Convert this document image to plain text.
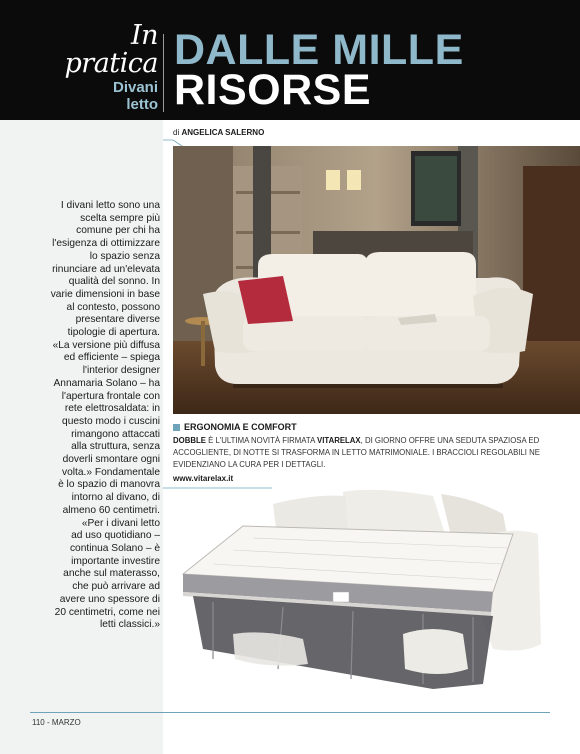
In pratica
Divani
letto
DALLE MILLE
RISORSE
di ANGELICA SALERNO
I divani letto sono una
scelta sempre più
comune per chi ha
l'esigenza di ottimizzare
lo spazio senza
rinunciare ad un'elevata
qualità del sonno. In
varie dimensioni in base
al contesto, possono
presentare diverse
tipologie di apertura.
«La versione più diffusa
ed efficiente – spiega
l'interior designer
Annamaria Solano – ha
l'apertura frontale con
rete elettrosaldata: in
questo modo i cuscini
rimangono attaccati
alla struttura, senza
doverli smontare ogni
volta.» Fondamentale
è lo spazio di manovra
intorno al divano, di
almeno 60 centimetri.
«Per i divani letto
ad uso quotidiano –
continua Solano – è
importante investire
anche sul materasso,
che può arrivare ad
avere uno spessore di
20 centimetri, come nei
letti classici.»
ERGONOMIA E COMFORT
DOBBLE È L'ULTIMA NOVITÀ FIRMATA VITARELAX, DI GIORNO OFFRE UNA SEDUTA SPAZIOSA ED ACCOGLIENTE, DI NOTTE SI TRASFORMA IN LETTO MATRIMONIALE. I BRACCIOLI REGOLABILI NE EVIDENZIANO LA CURA PER I DETTAGLI.
www.vitarelax.it
110 - MARZO
